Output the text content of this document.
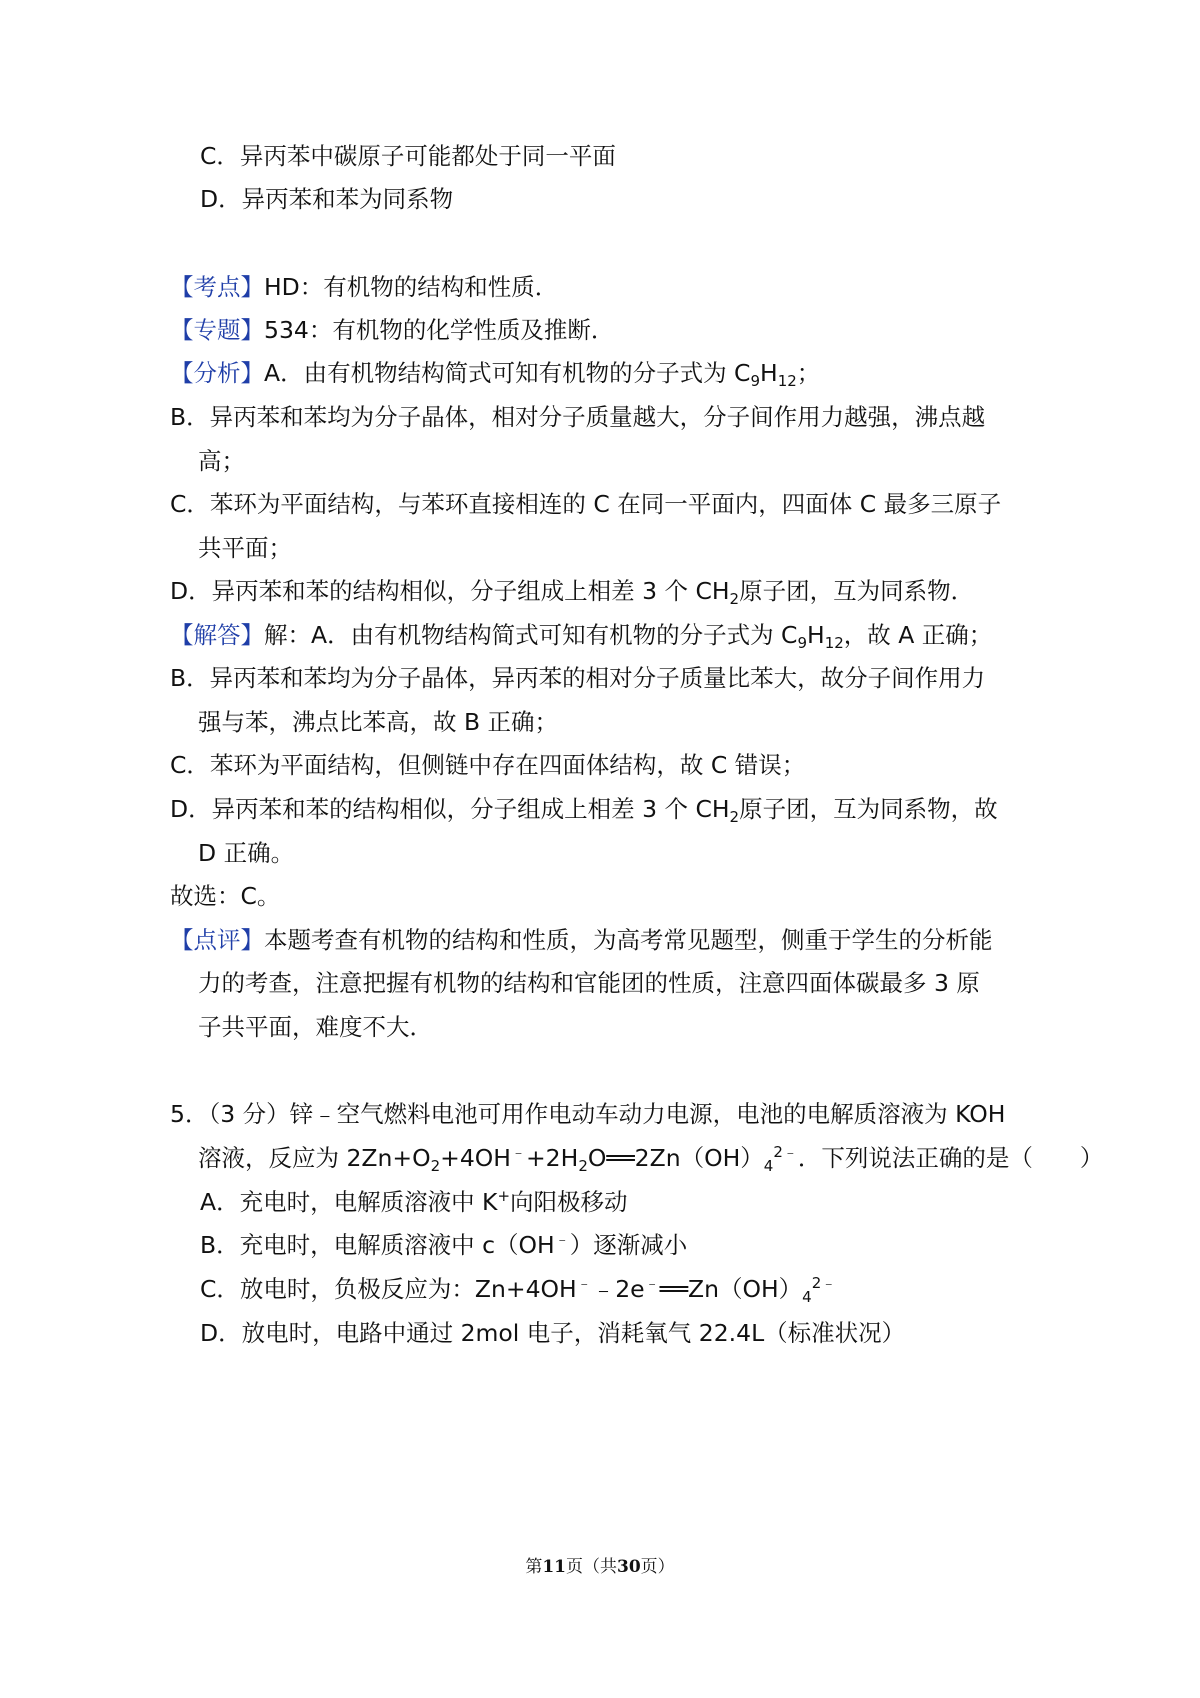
C．异丙苯中碳原子可能都处于同一平面
D．异丙苯和苯为同系物
【考点】HD：有机物的结构和性质．
【专题】534：有机物的化学性质及推断．
【分析】A．由有机物结构简式可知有机物的分子式为 $C_9H_{12}$；
B．异丙苯和苯均为分子晶体，相对分子质量越大，分子间作用力越强，沸点越
高；
C．苯环为平面结构，与苯环直接相连的 C 在同一平面内，四面体 C 最多三原子
共平面；
D．异丙苯和苯的结构相似，分子组成上相差 3 个 $CH_2$原子团，互为同系物．
【解答】解：A．由有机物结构简式可知有机物的分子式为 $C_9H_{12}$，故 A 正确；
B．异丙苯和苯均为分子晶体，异丙苯的相对分子质量比苯大，故分子间作用力
强与苯，沸点比苯高，故 B 正确；
C．苯环为平面结构，但侧链中存在四面体结构，故 C 错误；
D．异丙苯和苯的结构相似，分子组成上相差 3 个 $CH_2$原子团，互为同系物，故
D 正确。
故选：C。
【点评】本题考查有机物的结构和性质，为高考常见题型，侧重于学生的分析能
力的考查，注意把握有机物的结构和官能团的性质，注意四面体碳最多 3 原
子共平面，难度不大．
5．（3 分）锌﹣空气燃料电池可用作电动车动力电源，电池的电解质溶液为 KOH
溶液，反应为 $2Zn+O_2+4OH^﹣+2H_2O══2Zn(OH)_4^{2﹣}$．下列说法正确的是（　　）
A．充电时，电解质溶液中 K+向阳极移动
B．充电时，电解质溶液中 c（OH﹣）逐渐减小
C．放电时，负极反应为：$Zn+4OH^﹣﹣2e^﹣══Zn(OH)_4^{2﹣}$
D．放电时，电路中通过 2mol 电子，消耗氧气 22.4L（标准状况）
第11页（共30页）
